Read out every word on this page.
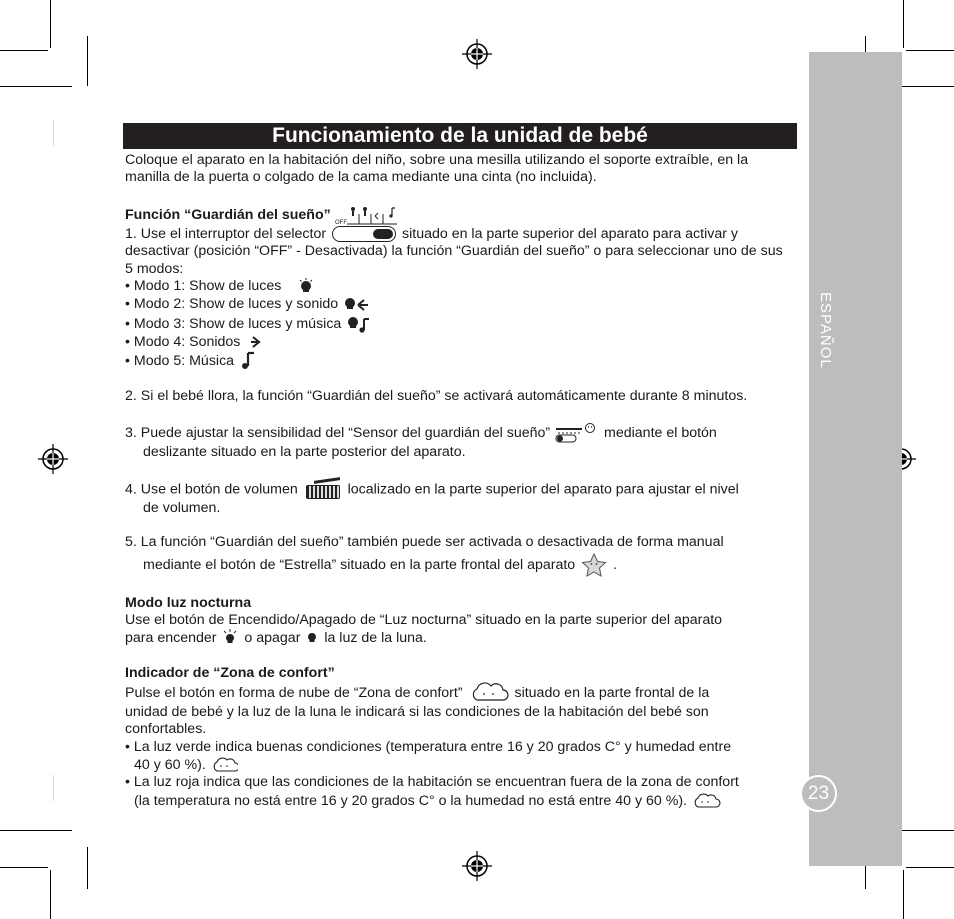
ESPAÑOL
23
Funcionamiento de la unidad de bebé

Coloque el aparato en la habitación del niño, sobre una mesilla utilizando el soporte extraíble, en la manilla de la puerta o colgado de la cama mediante una cinta (no incluida).

Función “Guardián del sueño”
OFF

1. Use el interruptor del selector	situado en la parte superior del aparato para activar y desactivar (posición “OFF” - Desactivada) la función “Guardián del sueño” o para seleccionar uno de sus 5 modos:

• Modo 1: Show de luces

• Modo 2: Show de luces y sonido

• Modo 3: Show de luces y música

• Modo 4: Sonidos

• Modo 5: Música

2. Si el bebé llora, la función “Guardián del sueño” se activará automáticamente durante 8 minutos.

3. Puede ajustar la sensibilidad del “Sensor del guardián del sueño”	mediante el botón

deslizante situado en la parte posterior del aparato.

4. Use el botón de volumen	localizado en la parte superior del aparato para ajustar el nivel

de volumen.

5. La función “Guardián del sueño” también puede ser activada o desactivada de forma manual

mediante el botón de “Estrella” situado en la parte frontal del aparato	.

Modo luz nocturna

Use el botón de Encendido/Apagado de “Luz nocturna” situado en la parte superior del aparato

para encender o apagar la luz de la luna.

Indicador de “Zona de confort”

Pulse el botón en forma de nube de “Zona de confort”	situado en la parte frontal de la

unidad de bebé y la luz de la luna le indicará si las condiciones de la habitación del bebé son confortables.

• La luz verde indica buenas condiciones (temperatura entre 16 y 20 grados C° y humedad entre

40 y 60 %).

• La luz roja indica que las condiciones de la habitación se encuentran fuera de la zona de confort

(la temperatura no está entre 16 y 20 grados C° o la humedad no está entre 40 y 60 %).
